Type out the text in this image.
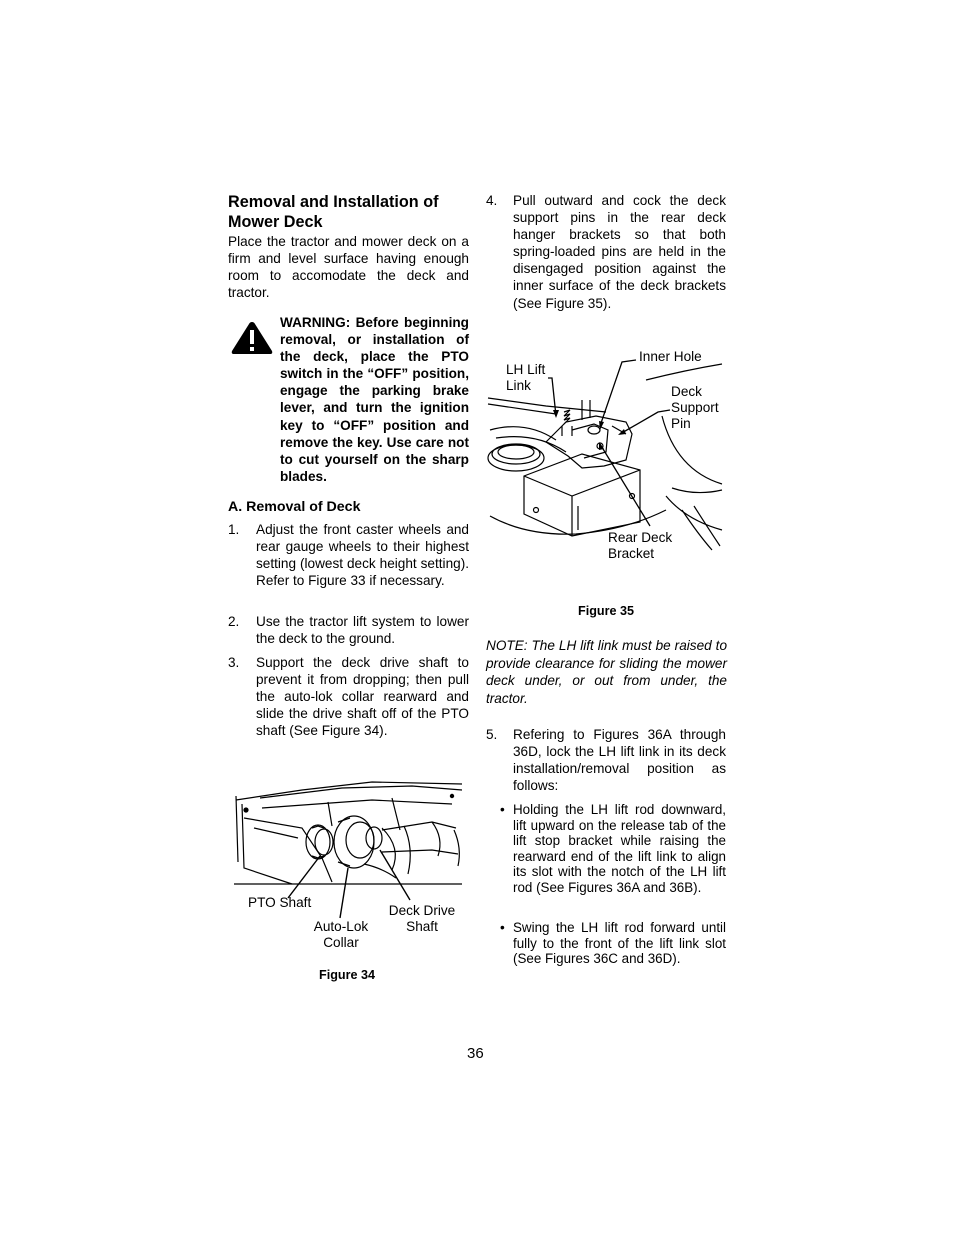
Removal and Installation of
Mower Deck
Place the tractor and mower deck on a firm and level surface having enough room to accomodate the deck and tractor.
WARNING: Before beginning removal, or installation of the deck, place the PTO switch in the “OFF” position, engage the parking brake lever, and turn the ignition key to “OFF” position and remove the key. Use care not to cut yourself on the sharp blades.
A. Removal of Deck
1. Adjust the front caster wheels and rear gauge wheels to their highest setting (lowest deck height setting). Refer to Figure 33 if necessary.
2. Use the tractor lift system to lower the deck to the ground.
3. Support the deck drive shaft to prevent it from dropping; then pull the auto-lok collar rearward and slide the drive shaft off of the PTO shaft (See Figure 34).
PTO Shaft
Auto-Lok
Collar
Deck Drive
Shaft
Figure 34
4. Pull outward and cock the deck support pins in the rear deck hanger brackets so that both spring-loaded pins are held in the disengaged position against the inner surface of the deck brackets (See Figure 35).
LH Lift
Link
Inner Hole
Deck
Support
Pin
Rear Deck
Bracket
Figure 35
NOTE: The LH lift link must be raised to provide clearance for sliding the mower deck under, or out from under, the tractor.
5. Refering to Figures 36A through 36D, lock the LH lift link in its deck installation/removal position as follows:
• Holding the LH lift rod downward, lift upward on the release tab of the lift stop bracket while raising the rearward end of the lift link to align its slot with the notch of the LH lift rod (See Figures 36A and 36B).
• Swing the LH lift rod forward until fully to the front of the lift link slot (See Figures 36C and 36D).
36
